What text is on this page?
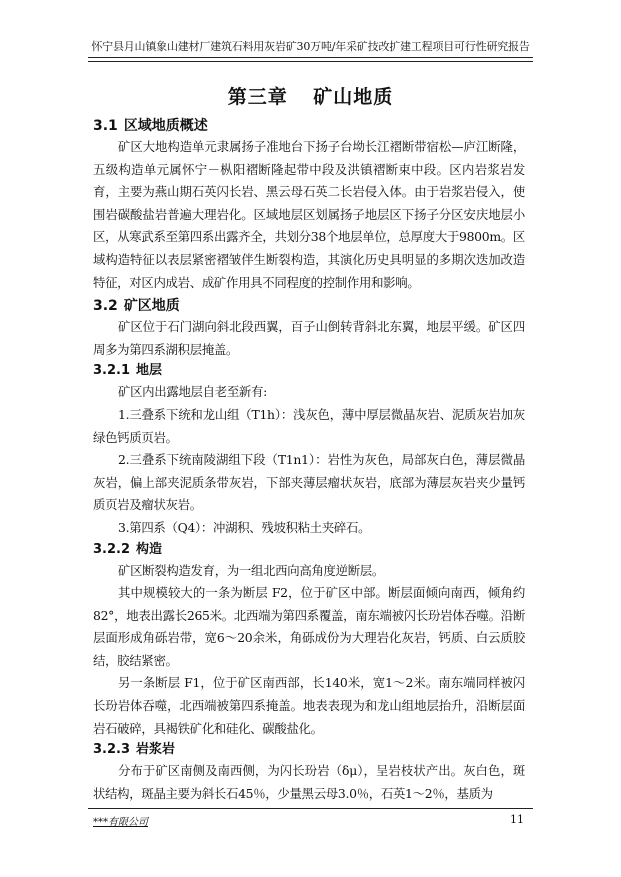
怀宁县月山镇象山建材厂建筑石料用灰岩矿30万吨/年采矿技改扩建工程项目可行性研究报告
第三章 矿山地质
3.1 区域地质概述

矿区大地构造单元隶属扬子准地台下扬子台坳长江褶断带宿松—庐江断隆，五级构造单元属怀宁－枞阳褶断隆起带中段及洪镇褶断束中段。区内岩浆岩发育，主要为燕山期石英闪长岩、黑云母石英二长岩侵入体。由于岩浆岩侵入，使围岩碳酸盐岩普遍大理岩化。区域地层区划属扬子地层区下扬子分区安庆地层小区，从寒武系至第四系出露齐全，共划分38个地层单位，总厚度大于9800m。区域构造特征以表层紧密褶皱伴生断裂构造，其演化历史具明显的多期次迭加改造特征，对区内成岩、成矿作用具不同程度的控制作用和影响。

3.2 矿区地质

矿区位于石门湖向斜北段西翼，百子山倒转背斜北东翼，地层平缓。矿区四周多为第四系湖积层掩盖。

3.2.1 地层

矿区内出露地层自老至新有:

1.三叠系下统和龙山组（T1h）：浅灰色，薄中厚层微晶灰岩、泥质灰岩加灰绿色钙质页岩。

2.三叠系下统南陵湖组下段（T1n1）：岩性为灰色，局部灰白色，薄层微晶灰岩，偏上部夹泥质条带灰岩，下部夹薄层瘤状灰岩，底部为薄层灰岩夹少量钙质页岩及瘤状灰岩。

3.第四系（Q4）：冲湖积、残坡积粘土夹碎石。

3.2.2 构造

矿区断裂构造发育，为一组北西向高角度逆断层。

其中规模较大的一条为断层 F2，位于矿区中部。断层面倾向南西，倾角约82°，地表出露长265米。北西端为第四系覆盖，南东端被闪长玢岩体吞噬。沿断层面形成角砾岩带，宽6～20余米，角砾成份为大理岩化灰岩，钙质、白云质胶结，胶结紧密。

另一条断层 F1，位于矿区南西部，长140米，宽1～2米。南东端同样被闪长玢岩体吞噬，北西端被第四系掩盖。地表表现为和龙山组地层抬升，沿断层面岩石破碎，具褐铁矿化和硅化、碳酸盐化。

3.2.3 岩浆岩

分布于矿区南侧及南西侧，为闪长玢岩（δμ），呈岩枝状产出。灰白色，斑状结构，斑晶主要为斜长石45％，少量黑云母3.0％，石英1～2％，基质为

***有限公司	11
